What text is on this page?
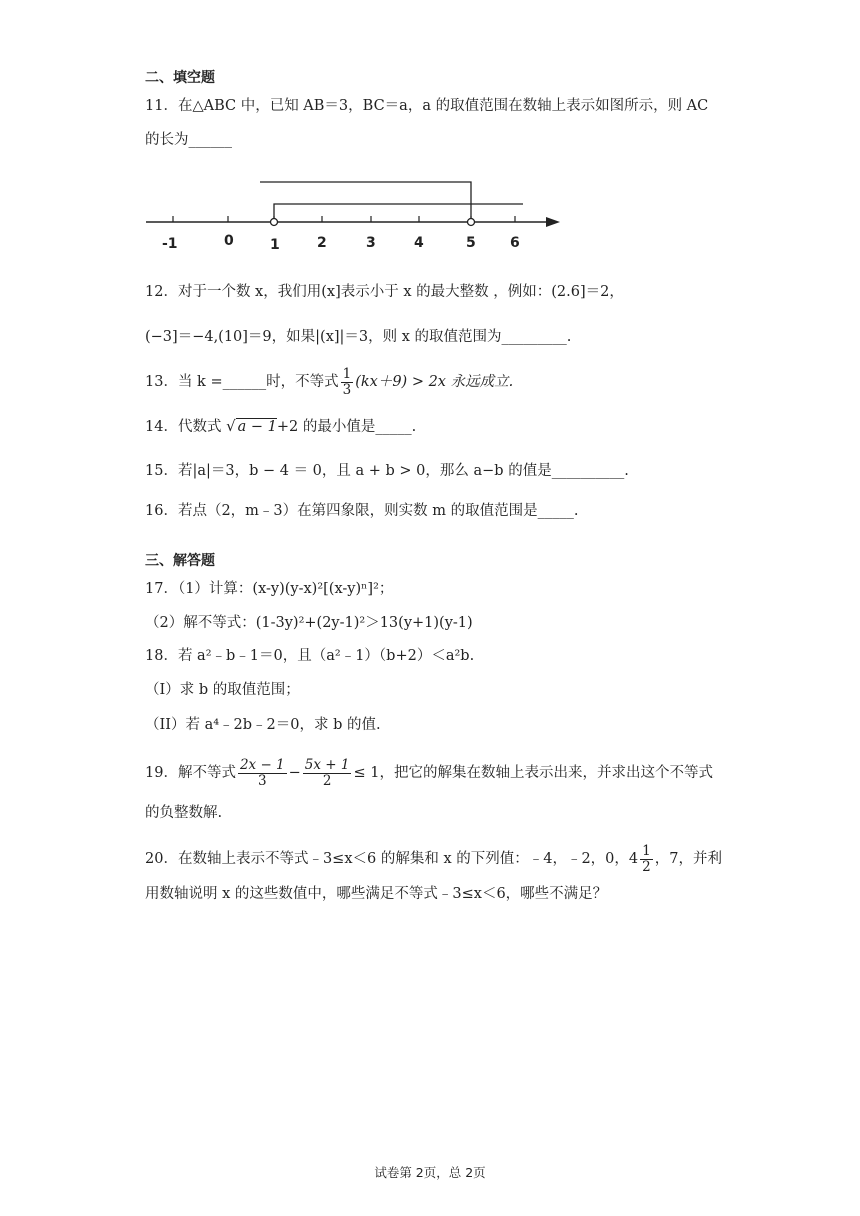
二、填空题
11．在△ABC 中，已知 AB＝3，BC＝a，a 的取值范围在数轴上表示如图所示，则 AC
的长为______
-1	0	1	2	3	4	5 6
12．对于一个数 x，我们用(x]表示小于 x 的最大整数 ，例如：(2.6]＝2，
(−3]＝−4,(10]＝9，如果|(x]|＝3，则 x 的取值范围为_________.
13．当 k =______时，不等式 $\frac{1}{3} (kx+9) > 2x$ 永远成立.
14．代数式 √ a − 1+2 的最小值是_____.
15．若|a|＝3，b − 4 ＝ 0，且 a + b > 0，那么 a−b 的值是__________.
16．若点（2，m﹣3）在第四象限，则实数 m 的取值范围是_____.
三、解答题
17．（1）计算：(x-y)(y-x)²[(x-y)ⁿ]²；
（2）解不等式：(1-3y)²+(2y-1)²＞13(y+1)(y-1)
18．若 a²﹣b﹣1＝0，且（a²﹣1）（b+2）＜a²b.
（I）求 b 的取值范围；
（II）若 a⁴﹣2b﹣2＝0，求 b 的值.
19．解不等式 $\frac{2x - 1}{3} - \frac{5x + 1}{2} \le 1$，把它的解集在数轴上表示出来，并求出这个不等式
的负整数解.
20．在数轴上表示不等式﹣3≤x＜6 的解集和 x 的下列值：﹣4，﹣2，0，$4 \frac{1}{2}$ ，7，并利
用数轴说明 x 的这些数值中，哪些满足不等式﹣3≤x＜6，哪些不满足？
试卷第 2页，总 2页
